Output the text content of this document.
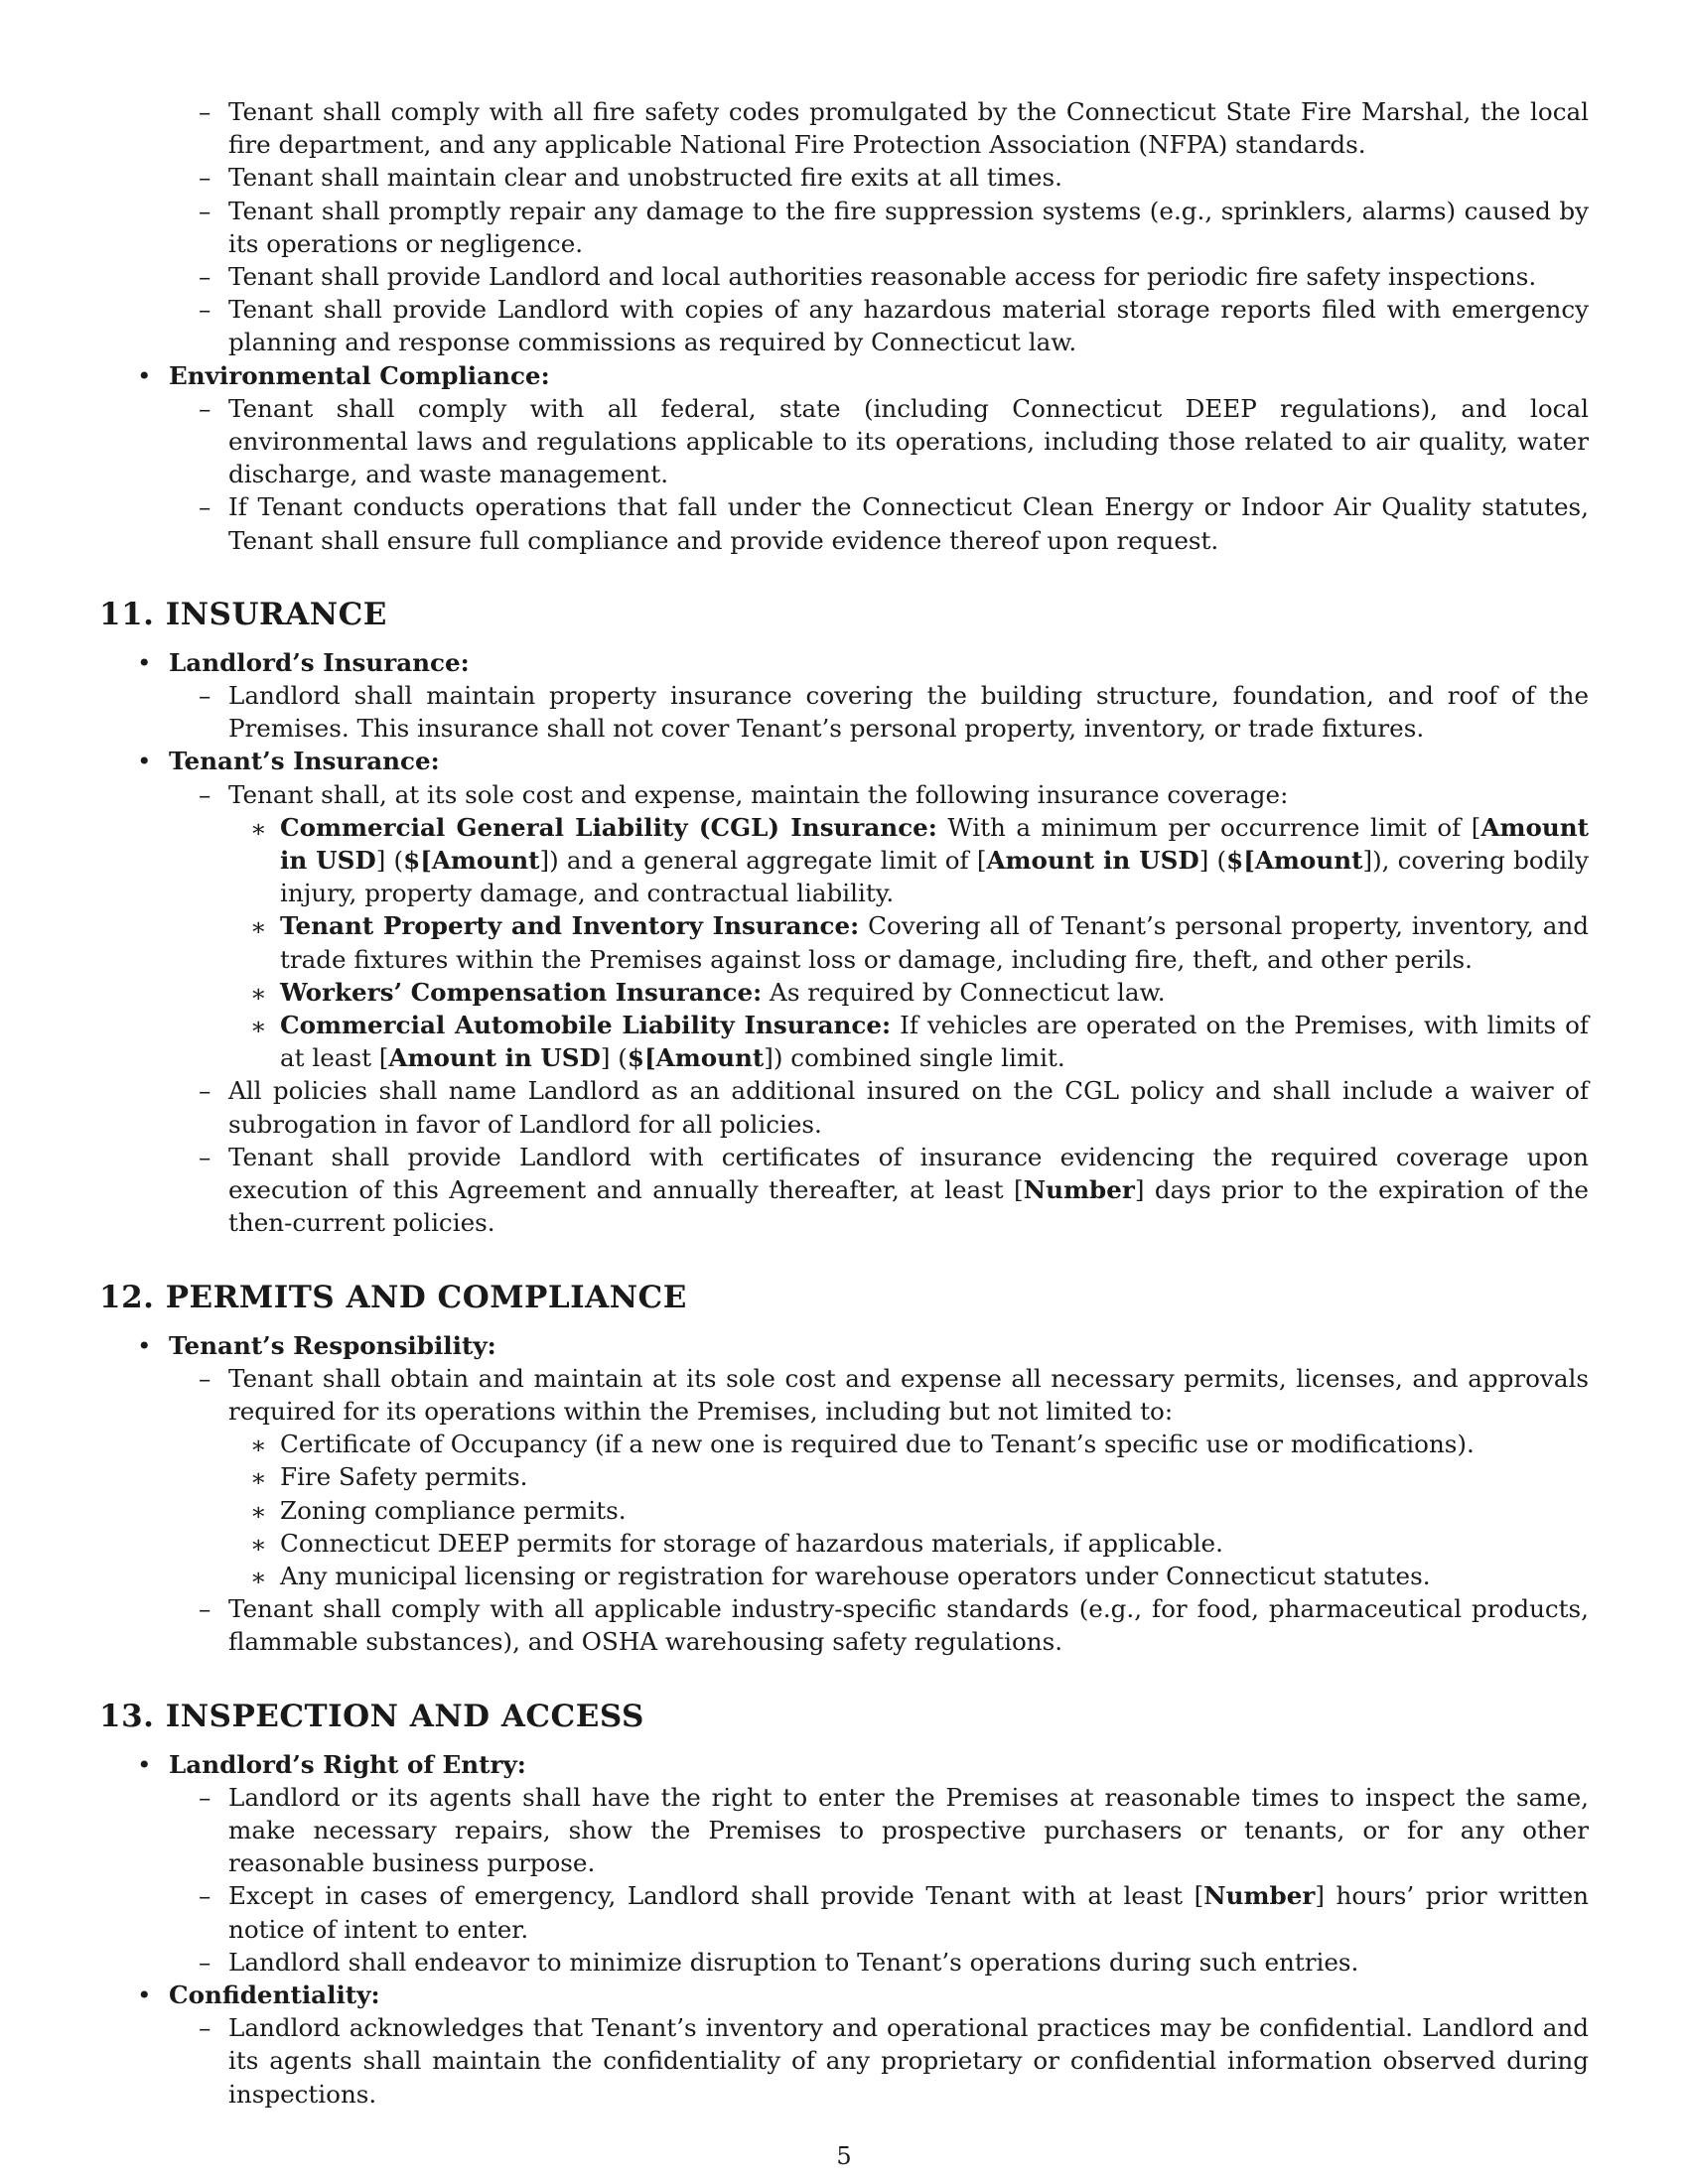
– Tenant shall comply with all fire safety codes promulgated by the Connecticut State Fire Marshal, the local fire department, and any applicable National Fire Protection Association (NFPA) standards.
– Tenant shall maintain clear and unobstructed fire exits at all times.
– Tenant shall promptly repair any damage to the fire suppression systems (e.g., sprinklers, alarms) caused by its operations or negligence.
– Tenant shall provide Landlord and local authorities reasonable access for periodic fire safety inspections.
– Tenant shall provide Landlord with copies of any hazardous material storage reports filed with emergency planning and response commissions as required by Connecticut law.
• Environmental Compliance:
– Tenant shall comply with all federal, state (including Connecticut DEEP regulations), and local environmental laws and regulations applicable to its operations, including those related to air quality, water discharge, and waste management.
– If Tenant conducts operations that fall under the Connecticut Clean Energy or Indoor Air Quality statutes, Tenant shall ensure full compliance and provide evidence thereof upon request.
11. INSURANCE
• Landlord’s Insurance:
– Landlord shall maintain property insurance covering the building structure, foundation, and roof of the Premises. This insurance shall not cover Tenant’s personal property, inventory, or trade fixtures.
• Tenant’s Insurance:
– Tenant shall, at its sole cost and expense, maintain the following insurance coverage:
∗ Commercial General Liability (CGL) Insurance: With a minimum per occurrence limit of [Amount in USD] ($[Amount]) and a general aggregate limit of [Amount in USD] ($[Amount]), covering bodily injury, property damage, and contractual liability.
∗ Tenant Property and Inventory Insurance: Covering all of Tenant’s personal property, inventory, and trade fixtures within the Premises against loss or damage, including fire, theft, and other perils.
∗ Workers’ Compensation Insurance: As required by Connecticut law.
∗ Commercial Automobile Liability Insurance: If vehicles are operated on the Premises, with limits of at least [Amount in USD] ($[Amount]) combined single limit.
– All policies shall name Landlord as an additional insured on the CGL policy and shall include a waiver of subrogation in favor of Landlord for all policies.
– Tenant shall provide Landlord with certificates of insurance evidencing the required coverage upon execution of this Agreement and annually thereafter, at least [Number] days prior to the expiration of the then-current policies.
12. PERMITS AND COMPLIANCE
• Tenant’s Responsibility:
– Tenant shall obtain and maintain at its sole cost and expense all necessary permits, licenses, and approvals required for its operations within the Premises, including but not limited to:
∗ Certificate of Occupancy (if a new one is required due to Tenant’s specific use or modifications).
∗ Fire Safety permits.
∗ Zoning compliance permits.
∗ Connecticut DEEP permits for storage of hazardous materials, if applicable.
∗ Any municipal licensing or registration for warehouse operators under Connecticut statutes.
– Tenant shall comply with all applicable industry-specific standards (e.g., for food, pharmaceutical products, flammable substances), and OSHA warehousing safety regulations.
13. INSPECTION AND ACCESS
• Landlord’s Right of Entry:
– Landlord or its agents shall have the right to enter the Premises at reasonable times to inspect the same, make necessary repairs, show the Premises to prospective purchasers or tenants, or for any other reasonable business purpose.
– Except in cases of emergency, Landlord shall provide Tenant with at least [Number] hours’ prior written notice of intent to enter.
– Landlord shall endeavor to minimize disruption to Tenant’s operations during such entries.
• Confidentiality:
– Landlord acknowledges that Tenant’s inventory and operational practices may be confidential. Landlord and its agents shall maintain the confidentiality of any proprietary or confidential information observed during inspections.
5
